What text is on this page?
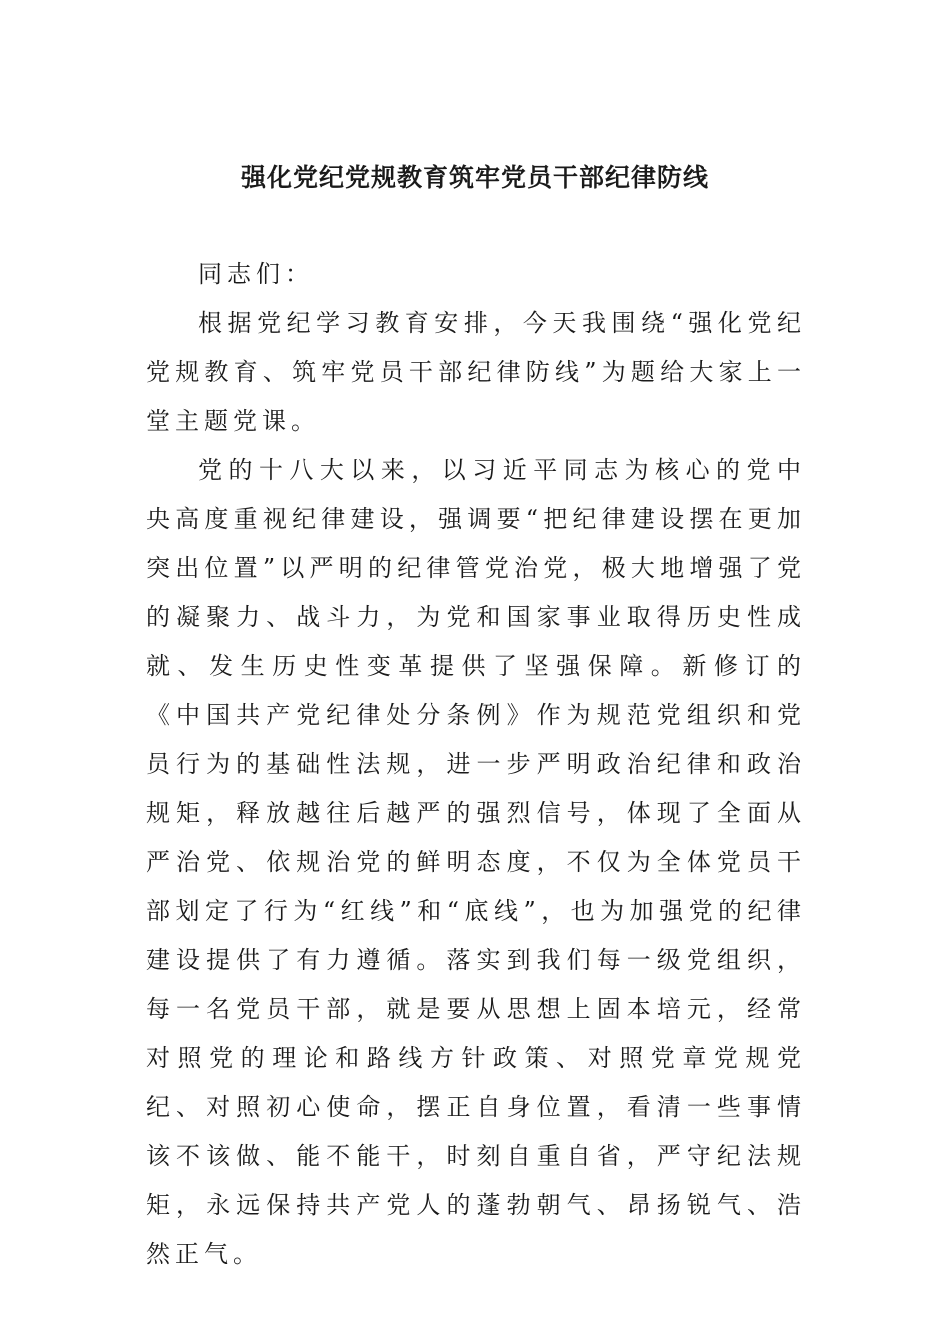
强化党纪党规教育筑牢党员干部纪律防线

同志们：

根据党纪学习教育安排，今天我围绕“强化党纪党规教育、筑牢党员干部纪律防线”为题给大家上一堂主题党课。

党的十八大以来，以习近平同志为核心的党中央高度重视纪律建设，强调要“把纪律建设摆在更加突出位置”以严明的纪律管党治党，极大地增强了党的凝聚力、战斗力，为党和国家事业取得历史性成就、发生历史性变革提供了坚强保障。新修订的《中国共产党纪律处分条例》作为规范党组织和党员行为的基础性法规，进一步严明政治纪律和政治规矩，释放越往后越严的强烈信号，体现了全面从严治党、依规治党的鲜明态度，不仅为全体党员干部划定了行为“红线”和“底线”，也为加强党的纪律建设提供了有力遵循。落实到我们每一级党组织，每一名党员干部，就是要从思想上固本培元，经常对照党的理论和路线方针政策、对照党章党规党纪、对照初心使命，摆正自身位置，看清一些事情该不该做、能不能干，时刻自重自省，严守纪法规矩，永远保持共产党人的蓬勃朝气、昂扬锐气、浩然正气。
